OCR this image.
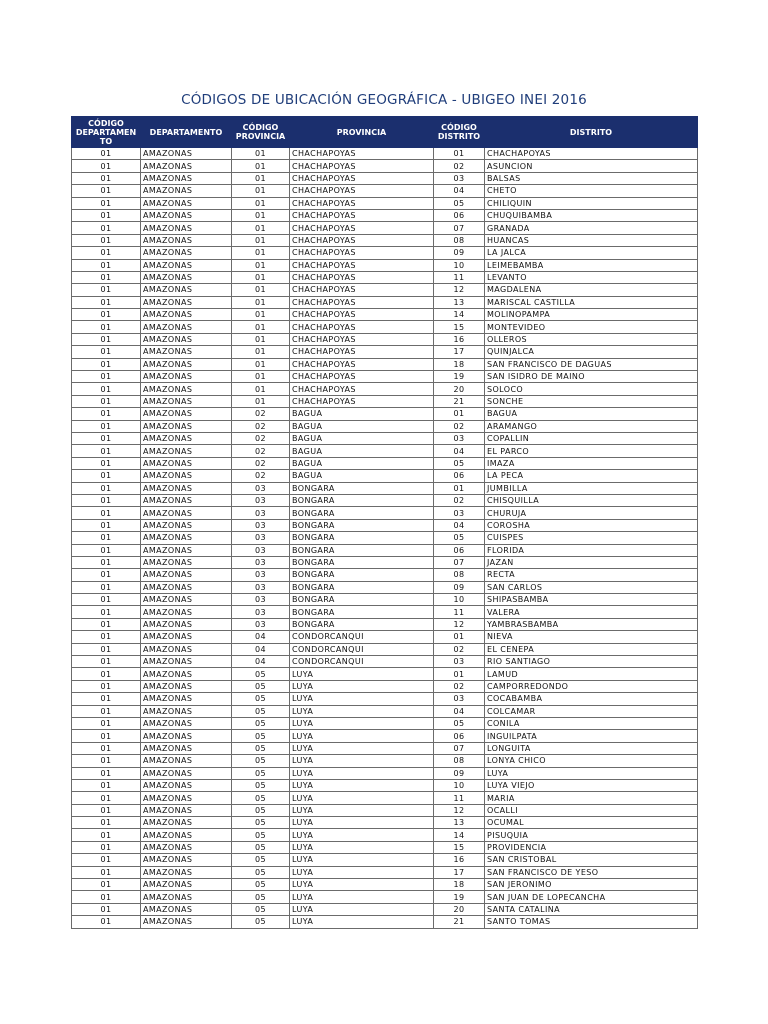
CÓDIGOS DE UBICACIÓN GEOGRÁFICA - UBIGEO INEI 2016
CÓDIGO DEPARTAMEN TO	DEPARTAMENTO	CÓDIGO PROVINCIA	PROVINCIA	CÓDIGO DISTRITO	DISTRITO
01	AMAZONAS	01	CHACHAPOYAS	01	CHACHAPOYAS
01	AMAZONAS	01	CHACHAPOYAS	02	ASUNCION
01	AMAZONAS	01	CHACHAPOYAS	03	BALSAS
01	AMAZONAS	01	CHACHAPOYAS	04	CHETO
01	AMAZONAS	01	CHACHAPOYAS	05	CHILIQUIN
01	AMAZONAS	01	CHACHAPOYAS	06	CHUQUIBAMBA
01	AMAZONAS	01	CHACHAPOYAS	07	GRANADA
01	AMAZONAS	01	CHACHAPOYAS	08	HUANCAS
01	AMAZONAS	01	CHACHAPOYAS	09	LA JALCA
01	AMAZONAS	01	CHACHAPOYAS	10	LEIMEBAMBA
01	AMAZONAS	01	CHACHAPOYAS	11	LEVANTO
01	AMAZONAS	01	CHACHAPOYAS	12	MAGDALENA
01	AMAZONAS	01	CHACHAPOYAS	13	MARISCAL CASTILLA
01	AMAZONAS	01	CHACHAPOYAS	14	MOLINOPAMPA
01	AMAZONAS	01	CHACHAPOYAS	15	MONTEVIDEO
01	AMAZONAS	01	CHACHAPOYAS	16	OLLEROS
01	AMAZONAS	01	CHACHAPOYAS	17	QUINJALCA
01	AMAZONAS	01	CHACHAPOYAS	18	SAN FRANCISCO DE DAGUAS
01	AMAZONAS	01	CHACHAPOYAS	19	SAN ISIDRO DE MAINO
01	AMAZONAS	01	CHACHAPOYAS	20	SOLOCO
01	AMAZONAS	01	CHACHAPOYAS	21	SONCHE
01	AMAZONAS	02	BAGUA	01	BAGUA
01	AMAZONAS	02	BAGUA	02	ARAMANGO
01	AMAZONAS	02	BAGUA	03	COPALLIN
01	AMAZONAS	02	BAGUA	04	EL PARCO
01	AMAZONAS	02	BAGUA	05	IMAZA
01	AMAZONAS	02	BAGUA	06	LA PECA
01	AMAZONAS	03	BONGARA	01	JUMBILLA
01	AMAZONAS	03	BONGARA	02	CHISQUILLA
01	AMAZONAS	03	BONGARA	03	CHURUJA
01	AMAZONAS	03	BONGARA	04	COROSHA
01	AMAZONAS	03	BONGARA	05	CUISPES
01	AMAZONAS	03	BONGARA	06	FLORIDA
01	AMAZONAS	03	BONGARA	07	JAZAN
01	AMAZONAS	03	BONGARA	08	RECTA
01	AMAZONAS	03	BONGARA	09	SAN CARLOS
01	AMAZONAS	03	BONGARA	10	SHIPASBAMBA
01	AMAZONAS	03	BONGARA	11	VALERA
01	AMAZONAS	03	BONGARA	12	YAMBRASBAMBA
01	AMAZONAS	04	CONDORCANQUI	01	NIEVA
01	AMAZONAS	04	CONDORCANQUI	02	EL CENEPA
01	AMAZONAS	04	CONDORCANQUI	03	RIO SANTIAGO
01	AMAZONAS	05	LUYA	01	LAMUD
01	AMAZONAS	05	LUYA	02	CAMPORREDONDO
01	AMAZONAS	05	LUYA	03	COCABAMBA
01	AMAZONAS	05	LUYA	04	COLCAMAR
01	AMAZONAS	05	LUYA	05	CONILA
01	AMAZONAS	05	LUYA	06	INGUILPATA
01	AMAZONAS	05	LUYA	07	LONGUITA
01	AMAZONAS	05	LUYA	08	LONYA CHICO
01	AMAZONAS	05	LUYA	09	LUYA
01	AMAZONAS	05	LUYA	10	LUYA VIEJO
01	AMAZONAS	05	LUYA	11	MARIA
01	AMAZONAS	05	LUYA	12	OCALLI
01	AMAZONAS	05	LUYA	13	OCUMAL
01	AMAZONAS	05	LUYA	14	PISUQUIA
01	AMAZONAS	05	LUYA	15	PROVIDENCIA
01	AMAZONAS	05	LUYA	16	SAN CRISTOBAL
01	AMAZONAS	05	LUYA	17	SAN FRANCISCO DE YESO
01	AMAZONAS	05	LUYA	18	SAN JERONIMO
01	AMAZONAS	05	LUYA	19	SAN JUAN DE LOPECANCHA
01	AMAZONAS	05	LUYA	20	SANTA CATALINA
01	AMAZONAS	05	LUYA	21	SANTO TOMAS
